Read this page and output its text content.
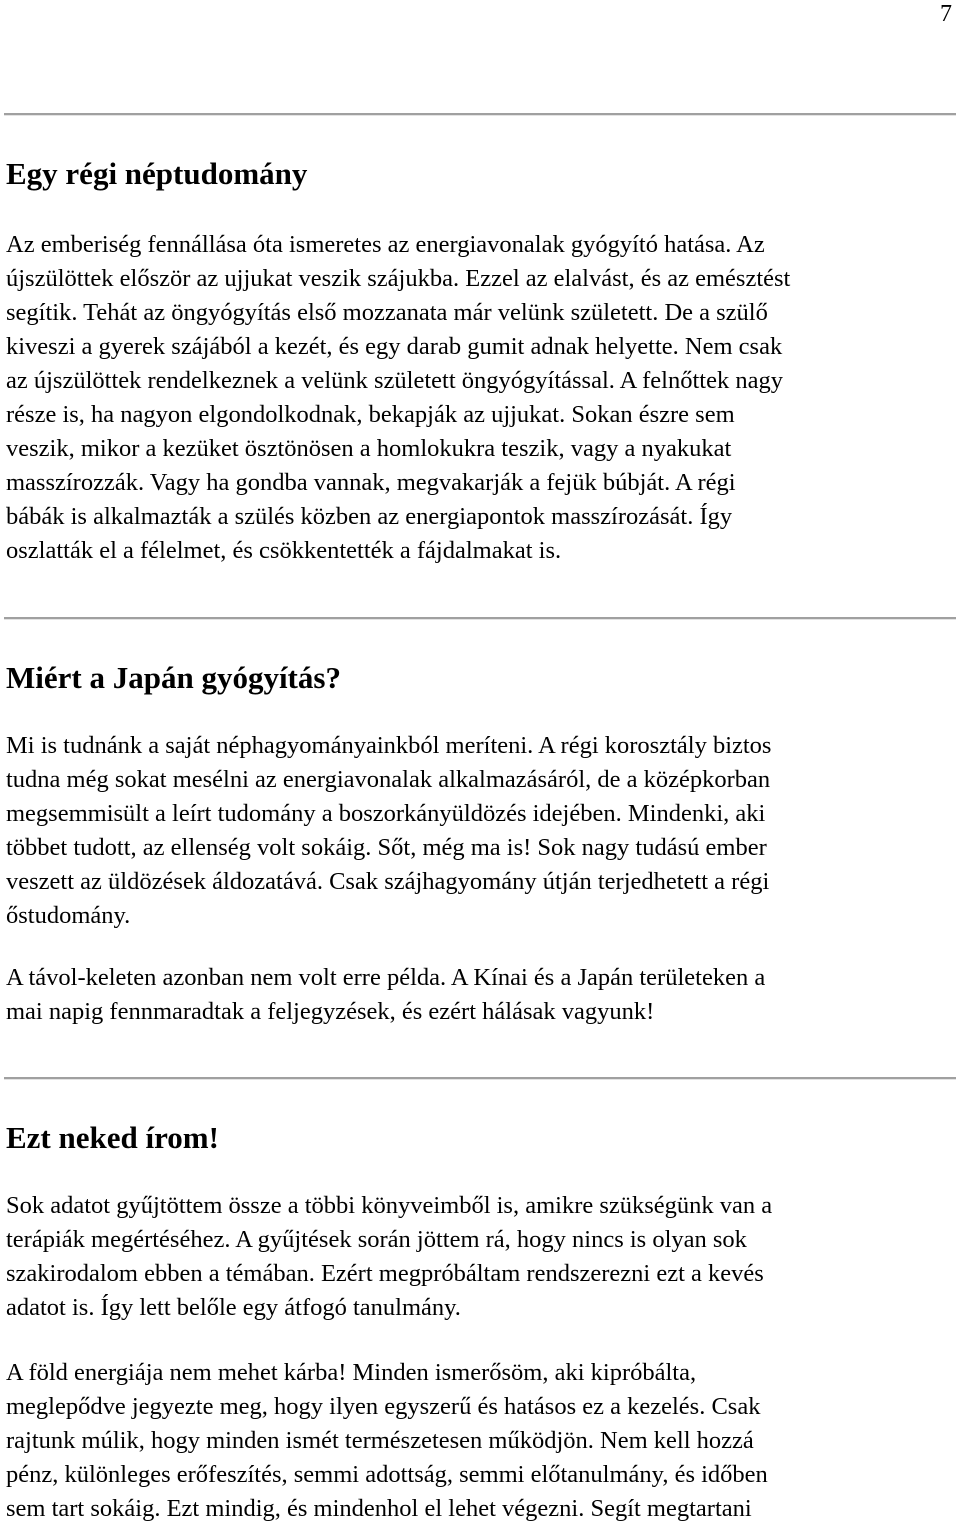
7
Egy régi néptudomány
Az emberiség fennállása óta ismeretes az energiavonalak gyógyító hatása. Az
újszülöttek először az ujjukat veszik szájukba. Ezzel az elalvást, és az emésztést
segítik. Tehát az öngyógyítás első mozzanata már velünk született. De a szülő
kiveszi a gyerek szájából a kezét, és egy darab gumit adnak helyette. Nem csak
az újszülöttek rendelkeznek a velünk született öngyógyítással. A felnőttek nagy
része is, ha nagyon elgondolkodnak, bekapják az ujjukat. Sokan észre sem
veszik, mikor a kezüket ösztönösen a homlokukra teszik, vagy a nyakukat
masszírozzák. Vagy ha gondba vannak, megvakarják a fejük búbját. A régi
bábák is alkalmazták a szülés közben az energiapontok masszírozását. Így
oszlatták el a félelmet, és csökkentették a fájdalmakat is.
Miért a Japán gyógyítás?
Mi is tudnánk a saját néphagyományainkból meríteni. A régi korosztály biztos
tudna még sokat mesélni az energiavonalak alkalmazásáról, de a középkorban
megsemmisült a leírt tudomány a boszorkányüldözés idejében. Mindenki, aki
többet tudott, az ellenség volt sokáig. Sőt, még ma is! Sok nagy tudású ember
veszett az üldözések áldozatává. Csak szájhagyomány útján terjedhetett a régi
őstudomány.
A távol-keleten azonban nem volt erre példa. A Kínai és a Japán területeken a
mai napig fennmaradtak a feljegyzések, és ezért hálásak vagyunk!
Ezt neked írom!
Sok adatot gyűjtöttem össze a többi könyveimből is, amikre szükségünk van a
terápiák megértéséhez. A gyűjtések során jöttem rá, hogy nincs is olyan sok
szakirodalom ebben a témában. Ezért megpróbáltam rendszerezni ezt a kevés
adatot is. Így lett belőle egy átfogó tanulmány.
A föld energiája nem mehet kárba! Minden ismerősöm, aki kipróbálta,
meglepődve jegyezte meg, hogy ilyen egyszerű és hatásos ez a kezelés. Csak
rajtunk múlik, hogy minden ismét természetesen működjön. Nem kell hozzá
pénz, különleges erőfeszítés, semmi adottság, semmi előtanulmány, és időben
sem tart sokáig. Ezt mindig, és mindenhol el lehet végezni. Segít megtartani
